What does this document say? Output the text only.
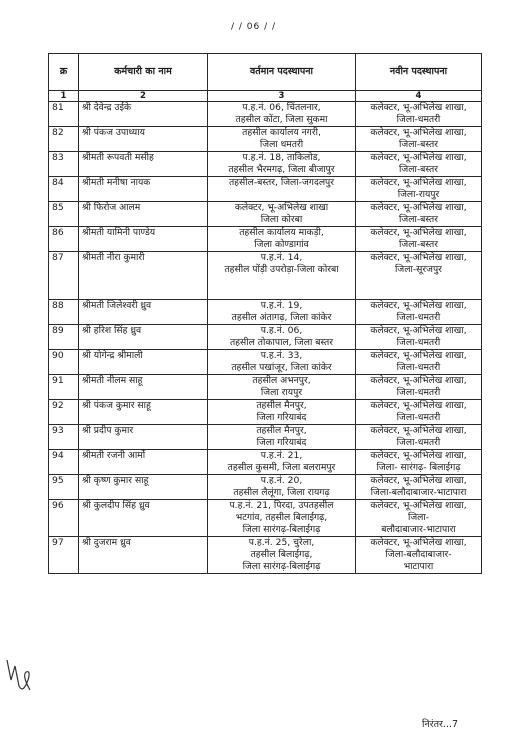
/ / 06 / /
क्र	कर्मचारी का नाम	वर्तमान पदस्थापना	नवीन पदस्थापना
1	2	3	4
81	श्री देवेन्द्र उईके	प.ह.नं. 06, चिंतलनार,
तहसील कोंटा, जिला सुकमा	कलेक्टर, भू-अभिलेख शाखा,
जिला-धमतरी

82	श्री पंकज उपाध्याय	तहसील कार्यालय नगरी,
जिला धमतरी	कलेक्टर, भू-अभिलेख शाखा,
जिला-बस्तर

83	श्रीमती रूपवती मसीह	प.ह.नं. 18, ताकिलोड,
तहसील भैरमगढ़, जिला बीजापुर	कलेक्टर, भू-अभिलेख शाखा,
जिला-बस्तर

84	श्रीमती मनीषा नायक	तहसील-बस्तर, जिला-जगदलपुर	कलेक्टर, भू-अभिलेख शाखा,
जिला-रायपुर

85	श्री फिरोज आलम	कलेक्टर, भू-अभिलेख शाखा
जिला कोरबा	कलेक्टर, भू-अभिलेख शाखा,
जिला-बस्तर

86	श्रीमती यामिनी पाण्डेय	तहसील कार्यालय माकड़ी,
जिला कोण्डागांव	कलेक्टर, भू-अभिलेख शाखा,
जिला-बस्तर

87	श्रीमती नीरा कुमारी	प.ह.नं. 14,
तहसील पोंड़ी उपरोड़ा-जिला कोरबा	कलेक्टर, भू-अभिलेख शाखा,
जिला-सूरजपुर

88	श्रीमती जिलेश्वरी ध्रुव	प.ह.नं. 19,
तहसील अंतागढ़, जिला कांकेर	कलेक्टर, भू-अभिलेख शाखा,
जिला-धमतरी

89	श्री हरिश सिंह ध्रुव	प.ह.नं. 06,
तहसील तोकापाल, जिला बस्तर	कलेक्टर, भू-अभिलेख शाखा,
जिला-धमतरी

90	श्री योगेन्द्र श्रीमाली	प.ह.नं. 33,
तहसील पखांजूर, जिला कांकेर	कलेक्टर, भू-अभिलेख शाखा,
जिला-धमतरी

91	श्रीमती नीलम साहू	तहसील अभनपुर,
जिला रायपुर	कलेक्टर, भू-अभिलेख शाखा,
जिला-धमतरी

92	श्री पंकज कुमार साहू	तहसील मैनपुर,
जिला गरियाबंद	कलेक्टर, भू-अभिलेख शाखा,
जिला-धमतरी

93	श्री प्रदीप कुमार	तहसील मैनपुर,
जिला गरियाबंद	कलेक्टर, भू-अभिलेख शाखा,
जिला-धमतरी

94	श्रीमती रजनी आर्मो	प.ह.नं. 21,
तहसील कुसमी, जिला बलरामपुर	कलेक्टर, भू-अभिलेख शाखा,
जिला- सारंगढ़- बिलाईगढ़

95	श्री कृष्ण कुमार साहू	प.ह.नं. 20,
तहसील लैलूंगा, जिला रायगढ़	कलेक्टर, भू-अभिलेख शाखा,
जिला-बलौदाबाजार-भाटापारा

96	श्री कुलदीप सिंह ध्रुव	प.ह.नं. 21, पिरदा, उपतहसील
भटगांव, तहसील बिलाईगढ़,
जिला सारंगढ़-बिलाईगढ़	कलेक्टर, भू-अभिलेख शाखा,
जिला-
बलौदाबाजार-भाटापारा

97	श्री दुजराम ध्रुव	प.ह.नं. 25, चुरेला,
तहसील बिलाईगढ़,
जिला सारंगढ़-बिलाईगढ़	कलेक्टर, भू-अभिलेख शाखा,
जिला-बलौदाबाजार-
भाटापारा
निरंतर...7
